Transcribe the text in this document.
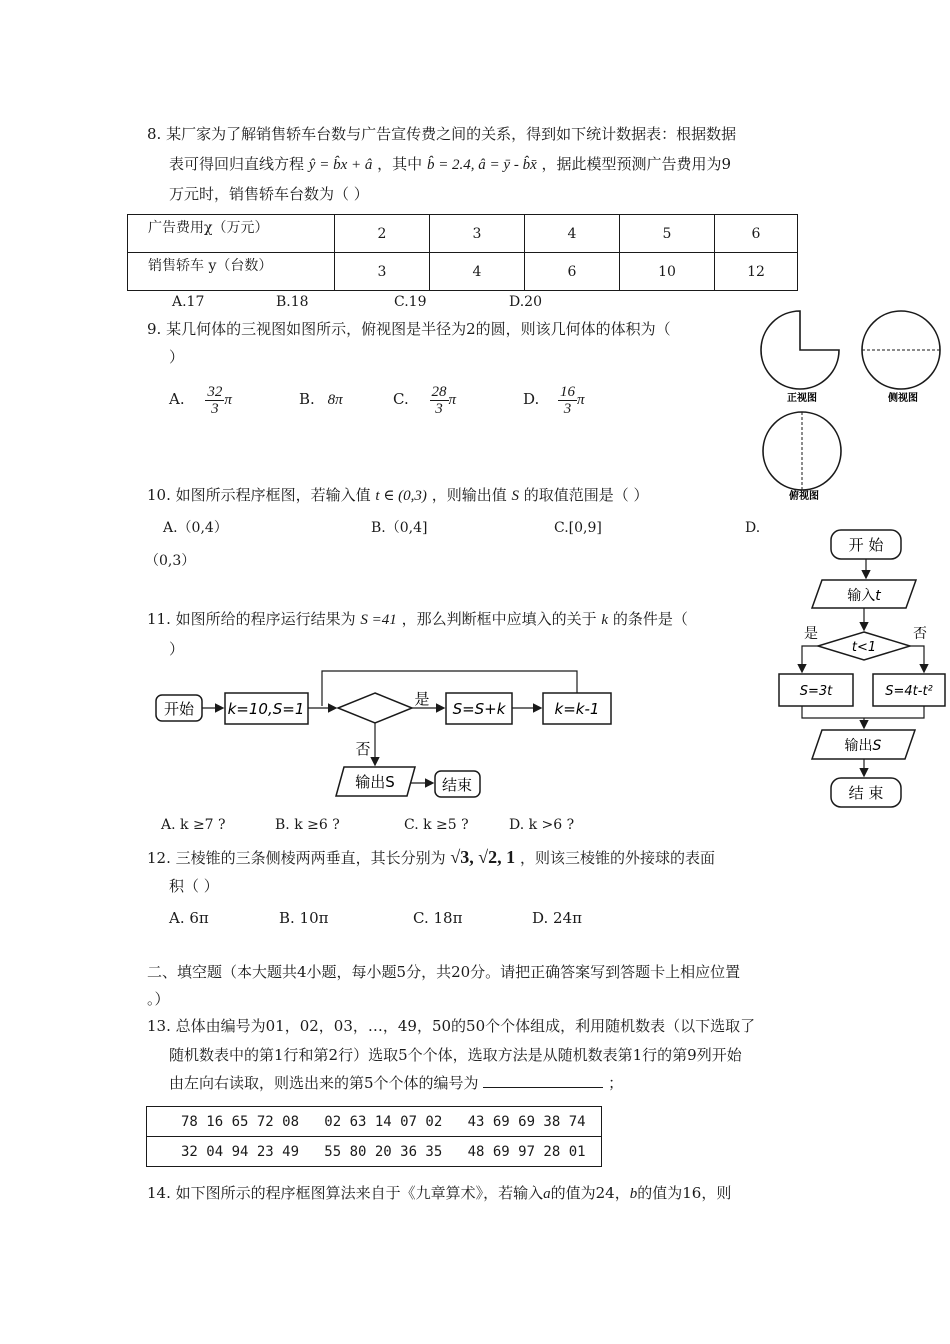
8. 某厂家为了解销售轿车台数与广告宣传费之间的关系，得到如下统计数据表：根据数据
表可得回归直线方程 ŷ = b̂x + â ，其中 b̂ = 2.4, â = ȳ - b̂x̄ ，据此模型预测广告费用为9
万元时，销售轿车台数为（ ）
广告费用χ（万元）	2	3	4	5	6
销售轿车 y（台数）	3	4	6	10	12
A.17	B.18	C.19	D.20
9. 某几何体的三视图如图所示，俯视图是半径为2的圆，则该几何体的体积为（
）
A. $\frac{32}{3}$ π	B. 8π	C. $\frac{28}{3}$ π	D. $\frac{16}{3}$ π	正视图	侧视图
俯视图
10. 如图所示程序框图，若输入值 t ∈ (0,3) ，则输出值 S 的取值范围是（ ）
A.（0,4）	B.（0,4]	C.[0,9]	D.
（0,3）
开 始
输入t
t<1
是	否
S=3t	S=4t-t²
输出S
结 束
11. 如图所给的程序运行结果为 S =41 ，那么判断框中应填入的关于 k 的条件是（
）
开始 k=10,S=1
是
S=S+k	k=k-1
否
输出S	结束
A. k ≥7 ?	B. k ≥6 ?	C. k ≥5 ?	D. k >6 ?
12. 三棱锥的三条侧棱两两垂直，其长分别为 √3, √2, 1 ，则该三棱锥的外接球的表面
积（ ）
A. 6π	B. 10π	C. 18π	D. 24π
二、填空题（本大题共4小题，每小题5分，共20分。请把正确答案写到答题卡上相应位置
。）
13. 总体由编号为01，02，03，…，49，50的50个个体组成，利用随机数表（以下选取了
随机数表中的第1行和第2行）选取5个个体，选取方法是从随机数表第1行的第9列开始
由左向右读取，则选出来的第5个个体的编号为	；
78 16 65 72 08   02 63 14 07 02   43 69 69 38 74
32 04 94 23 49   55 80 20 36 35   48 69 97 28 01
14. 如下图所示的程序框图算法来自于《九章算术》，若输入a的值为24，b的值为16，则
